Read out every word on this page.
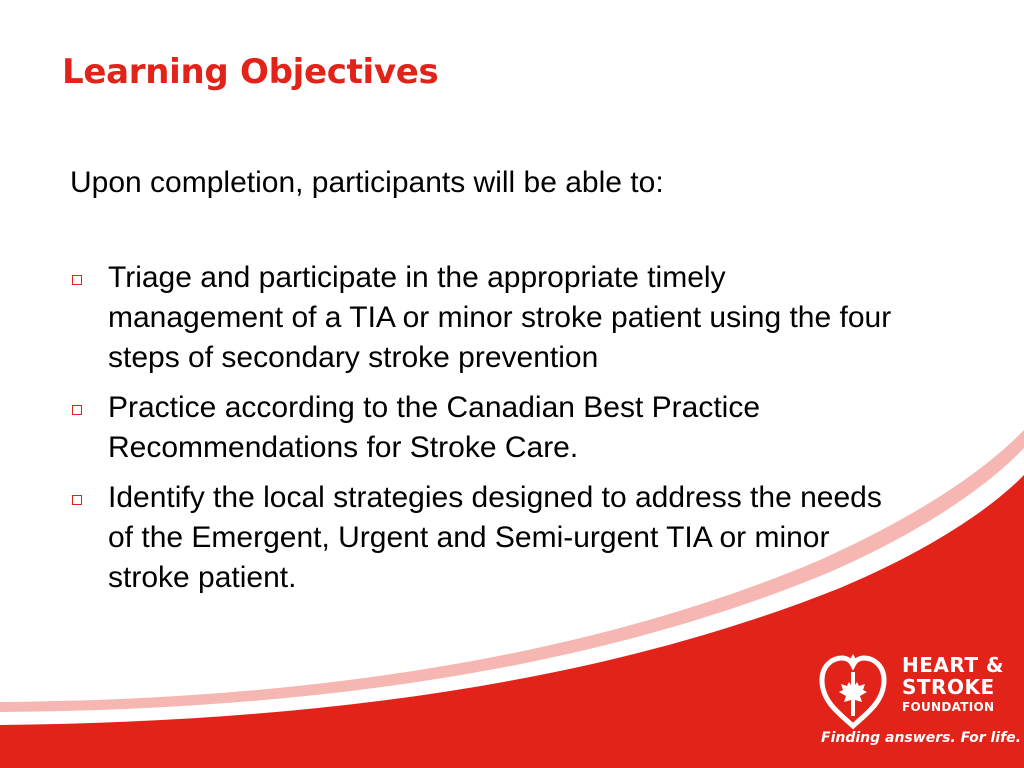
Learning Objectives

Upon completion, participants will be able to:

Triage and participate in the appropriate timely management of a TIA or minor stroke patient using the four steps of secondary stroke prevention
Practice according to the Canadian Best Practice Recommendations for Stroke Care.
Identify the local strategies designed to address the needs of the Emergent, Urgent and Semi-urgent TIA or minor stroke patient.
HEART &
STROKE
FOUNDATION
Finding answers. For life.
